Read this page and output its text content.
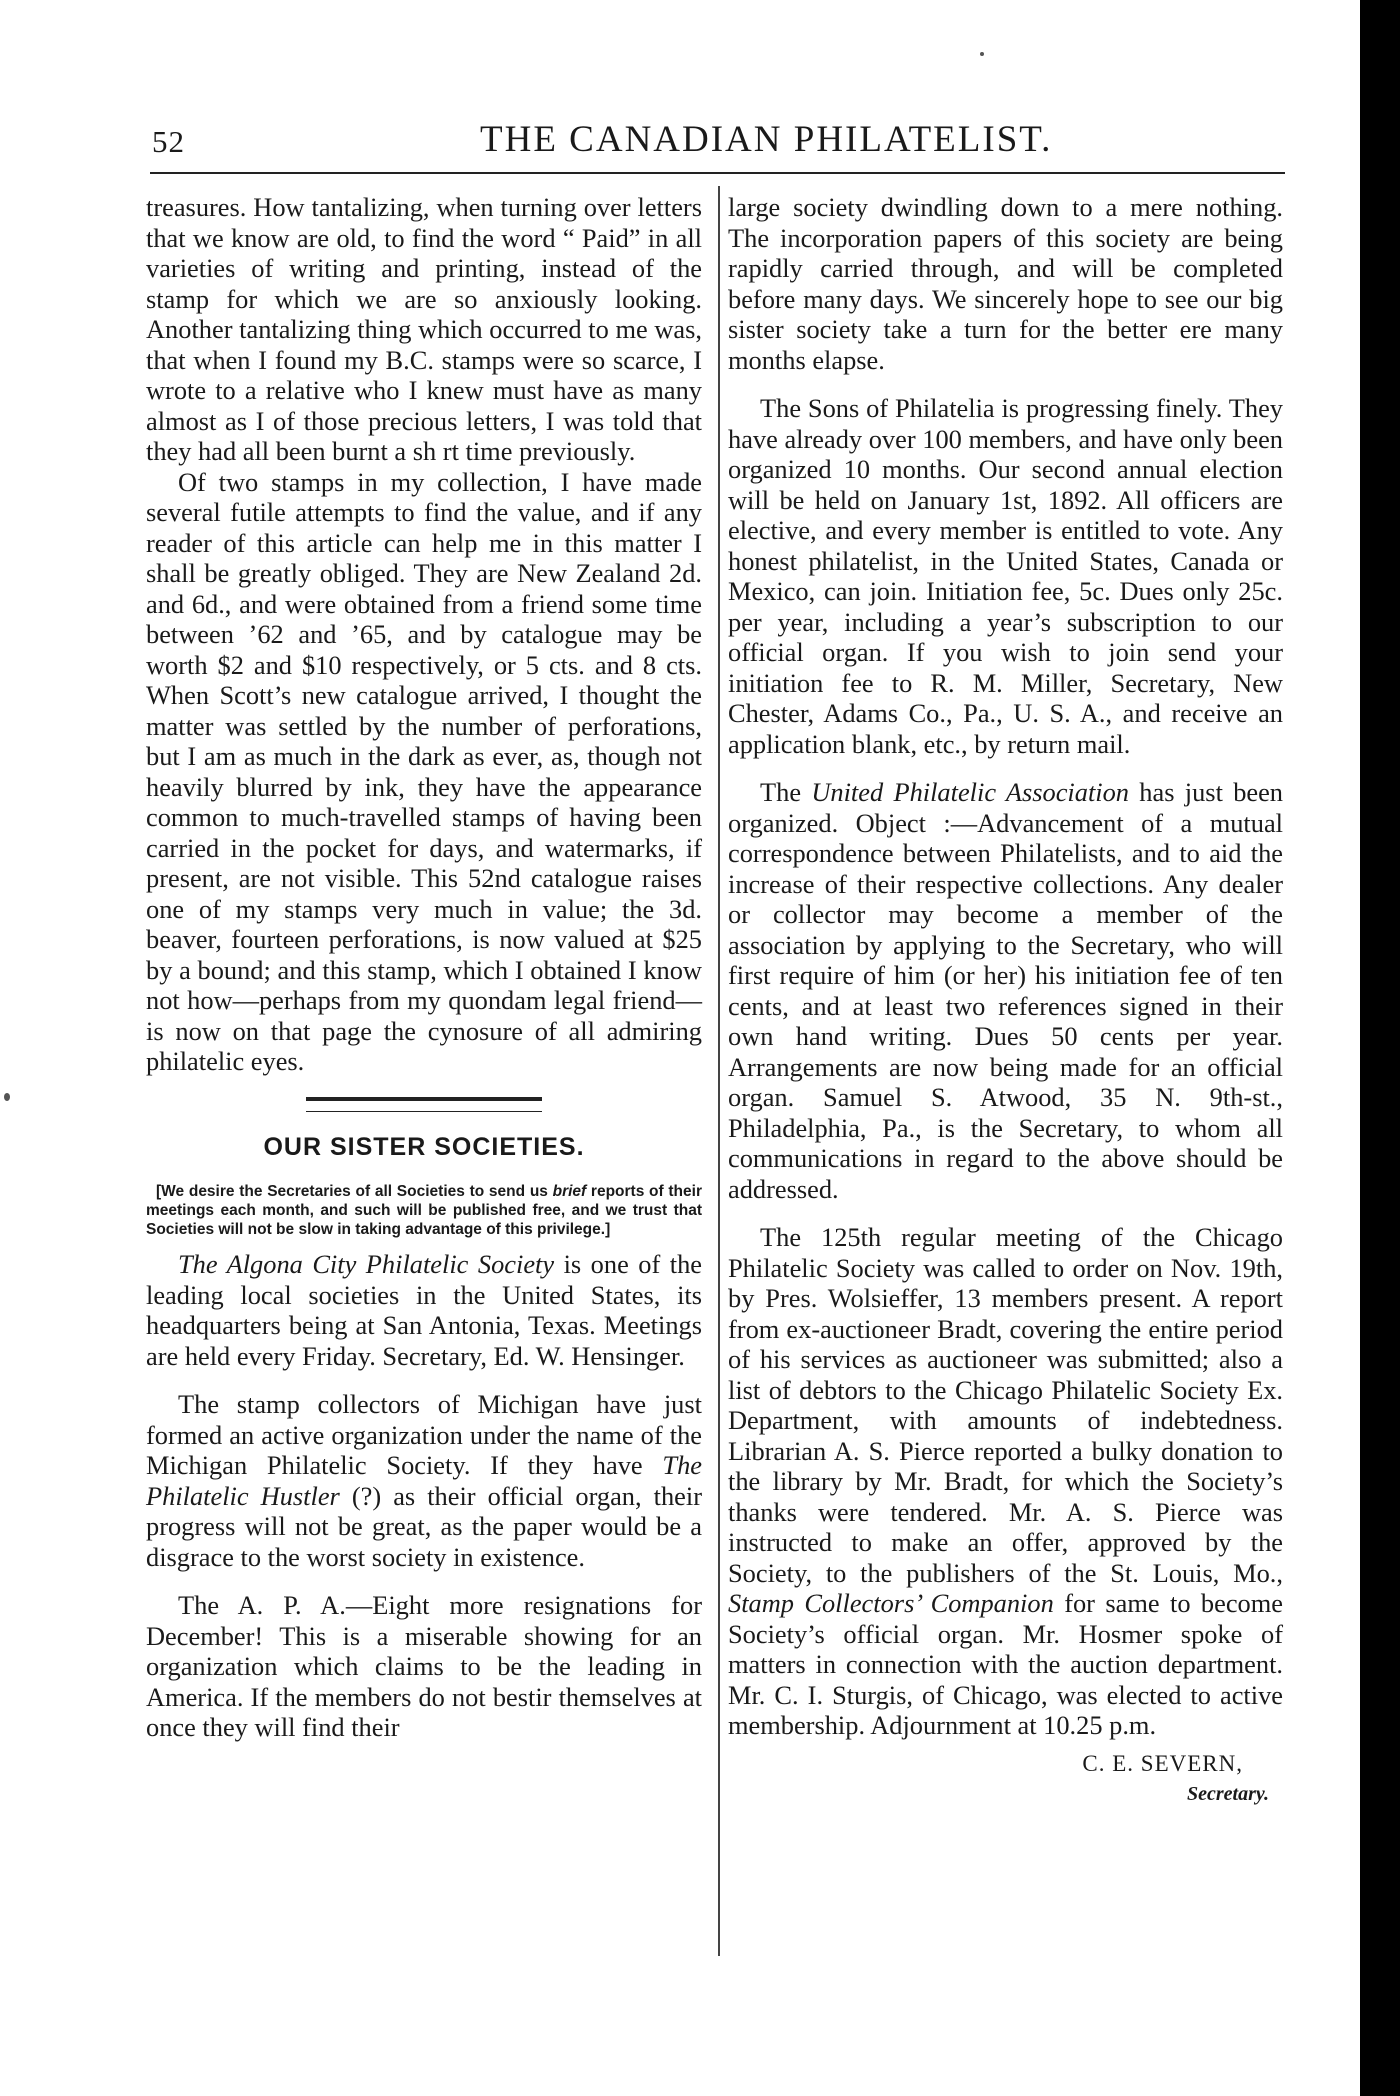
52	THE CANADIAN PHILATELIST.

treasures. How tantalizing, when turning over letters that we know are old, to find the word “ Paid” in all varieties of writing and printing, instead of the stamp for which we are so anxiously looking. Another tantalizing thing which occurred to me was, that when I found my B.C. stamps were so scarce, I wrote to a relative who I knew must have as many almost as I of those precious letters, I was told that they had all been burnt a sh rt time previously.

Of two stamps in my collection, I have made several futile attempts to find the value, and if any reader of this article can help me in this matter I shall be greatly obliged. They are New Zealand 2d. and 6d., and were obtained from a friend some time between ’62 and ’65, and by catalogue may be worth $2 and $10 respectively, or 5 cts. and 8 cts. When Scott’s new catalogue arrived, I thought the matter was settled by the number of perforations, but I am as much in the dark as ever, as, though not heavily blurred by ink, they have the appearance common to much-travelled stamps of having been carried in the pocket for days, and watermarks, if present, are not visible. This 52nd catalogue raises one of my stamps very much in value; the 3d. beaver, fourteen perforations, is now valued at $25 by a bound; and this stamp, which I obtained I know not how—perhaps from my quondam legal friend—is now on that page the cynosure of all admiring philatelic eyes.

OUR SISTER SOCIETIES.

[We desire the Secretaries of all Societies to send us brief reports of their meetings each month, and such will be published free, and we trust that Societies will not be slow in taking advantage of this privilege.]

The Algona City Philatelic Society is one of the leading local societies in the United States, its headquarters being at San Antonia, Texas. Meetings are held every Friday. Secretary, Ed. W. Hensinger.

The stamp collectors of Michigan have just formed an active organization under the name of the Michigan Philatelic Society. If they have The Philatelic Hustler (?) as their official organ, their progress will not be great, as the paper would be a disgrace to the worst society in existence.

The A. P. A.—Eight more resignations for December! This is a miserable showing for an organization which claims to be the leading in America. If the members do not bestir themselves at once they will find their

large society dwindling down to a mere nothing. The incorporation papers of this society are being rapidly carried through, and will be completed before many days. We sincerely hope to see our big sister society take a turn for the better ere many months elapse.

The Sons of Philatelia is progressing finely. They have already over 100 members, and have only been organized 10 months. Our second annual election will be held on January 1st, 1892. All officers are elective, and every member is entitled to vote. Any honest philatelist, in the United States, Canada or Mexico, can join. Initiation fee, 5c. Dues only 25c. per year, including a year’s subscription to our official organ. If you wish to join send your initiation fee to R. M. Miller, Secretary, New Chester, Adams Co., Pa., U. S. A., and receive an application blank, etc., by return mail.

The United Philatelic Association has just been organized. Object :—Advancement of a mutual correspondence between Philatelists, and to aid the increase of their respective collections. Any dealer or collector may become a member of the association by applying to the Secretary, who will first require of him (or her) his initiation fee of ten cents, and at least two references signed in their own hand writing. Dues 50 cents per year. Arrangements are now being made for an official organ. Samuel S. Atwood, 35 N. 9th-st., Philadelphia, Pa., is the Secretary, to whom all communications in regard to the above should be addressed.

The 125th regular meeting of the Chicago Philatelic Society was called to order on Nov. 19th, by Pres. Wolsieffer, 13 members present. A report from ex-auctioneer Bradt, covering the entire period of his services as auctioneer was submitted; also a list of debtors to the Chicago Philatelic Society Ex. Department, with amounts of indebtedness. Librarian A. S. Pierce reported a bulky donation to the library by Mr. Bradt, for which the Society’s thanks were tendered. Mr. A. S. Pierce was instructed to make an offer, approved by the Society, to the publishers of the St. Louis, Mo., Stamp Collectors’ Companion for same to become Society’s official organ. Mr. Hosmer spoke of matters in connection with the auction department. Mr. C. I. Sturgis, of Chicago, was elected to active membership. Adjournment at 10.25 p.m.

C. E. SEVERN,
Secretary.
